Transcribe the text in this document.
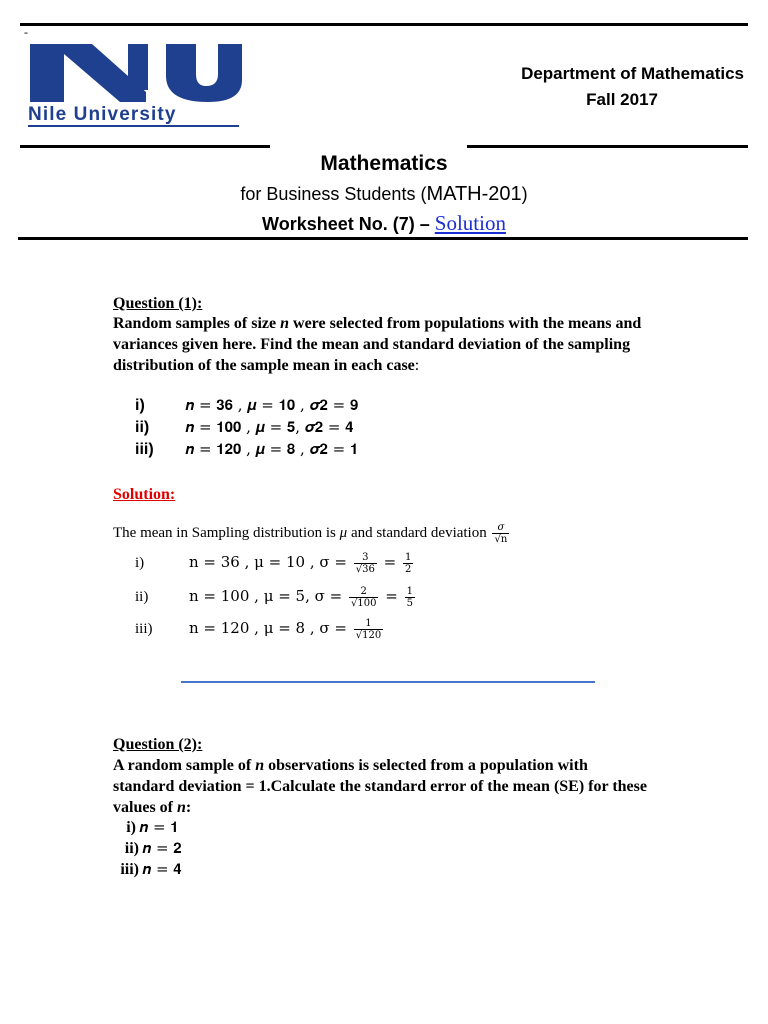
-
Nile University
Department of Mathematics
Fall 2017
Mathematics
for Business Students (MATH-201)
Worksheet No. (7) – Solution
Question (1):
Random samples of size n were selected from populations with the means and variances given here. Find the mean and standard deviation of the sampling distribution of the sample mean in each case:
i)	𝒏 = 𝟑𝟔 , 𝝁 = 𝟏𝟎 , 𝝈𝟐 = 𝟗
ii) 𝒏 = 𝟏𝟎𝟎 , 𝝁 = 𝟓, 𝝈𝟐 = 𝟒
iii) 𝒏 = 𝟏𝟐𝟎 , 𝝁 = 𝟖 , 𝝈𝟐 = 𝟏
Solution:
The mean in Sampling distribution is μ and standard deviation $\frac{\sigma}{√n}$
i)	n = 36 , μ = 10 , $\sigma = \frac{3}{√36} = \frac{1}{2}$
ii)	n = 100 , μ = 5, $\sigma = \frac{2}{√100} = \frac{1}{5}$
iii) n = 120 , μ = 8 , $\sigma = \frac{1}{√120}$
Question (2):
A random sample of n observations is selected from a population with standard deviation = 1.Calculate the standard error of the mean (SE) for these values of n:
i) 𝒏 = 𝟏
ii) 𝒏 = 𝟐
iii) 𝒏 = 𝟒
